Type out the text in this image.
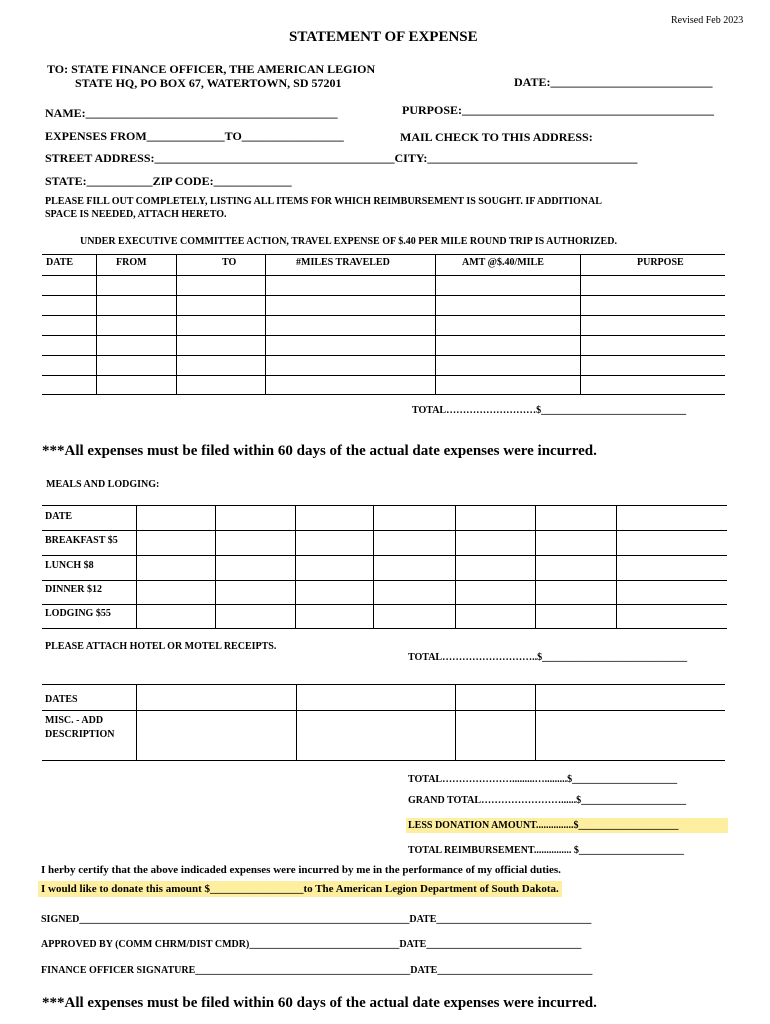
Revised Feb 2023
STATEMENT OF EXPENSE
TO: STATE FINANCE OFFICER, THE AMERICAN LEGION
STATE HQ, PO BOX 67, WATERTOWN, SD 57201	DATE:___________________________
NAME:__________________________________________	PURPOSE:__________________________________________
EXPENSES FROM_____________TO_________________	MAIL CHECK TO THIS ADDRESS:
STREET ADDRESS:________________________________________CITY:___________________________________
STATE:___________ZIP CODE:_____________
PLEASE FILL OUT COMPLETELY, LISTING ALL ITEMS FOR WHICH REIMBURSEMENT IS SOUGHT. IF ADDITIONAL
SPACE IS NEEDED, ATTACH HERETO.
UNDER EXECUTIVE COMMITTEE ACTION, TRAVEL EXPENSE OF $.40 PER MILE ROUND TRIP IS AUTHORIZED.
DATE	FROM	TO	#MILES TRAVELED	AMT @$.40/MILE	PURPOSE
TOTAL………………………$_____________________________
***All expenses must be filed within 60 days of the actual date expenses were incurred.
MEALS AND LODGING:
DATE
BREAKFAST $5
LUNCH $8
DINNER $12
LODGING $55
PLEASE ATTACH HOTEL OR MOTEL RECEIPTS.
TOTAL………………………..$_____________________________
DATES
MISC. - ADD
DESCRIPTION
TOTAL………………….........….........$_____________________
GRAND TOTAL……………………......$_____________________
LESS DONATION AMOUNT...............$____________________
TOTAL REIMBURSEMENT............... $_____________________
I herby certify that the above indicaded expenses were incurred by me in the performance of my official duties.
I would like to donate this amount $_________________to The American Legion Department of South Dakota.
SIGNED__________________________________________________________________DATE_______________________________
APPROVED BY (COMM CHRM/DIST CMDR)______________________________DATE_______________________________
FINANCE OFFICER SIGNATURE___________________________________________DATE_______________________________
***All expenses must be filed within 60 days of the actual date expenses were incurred.
